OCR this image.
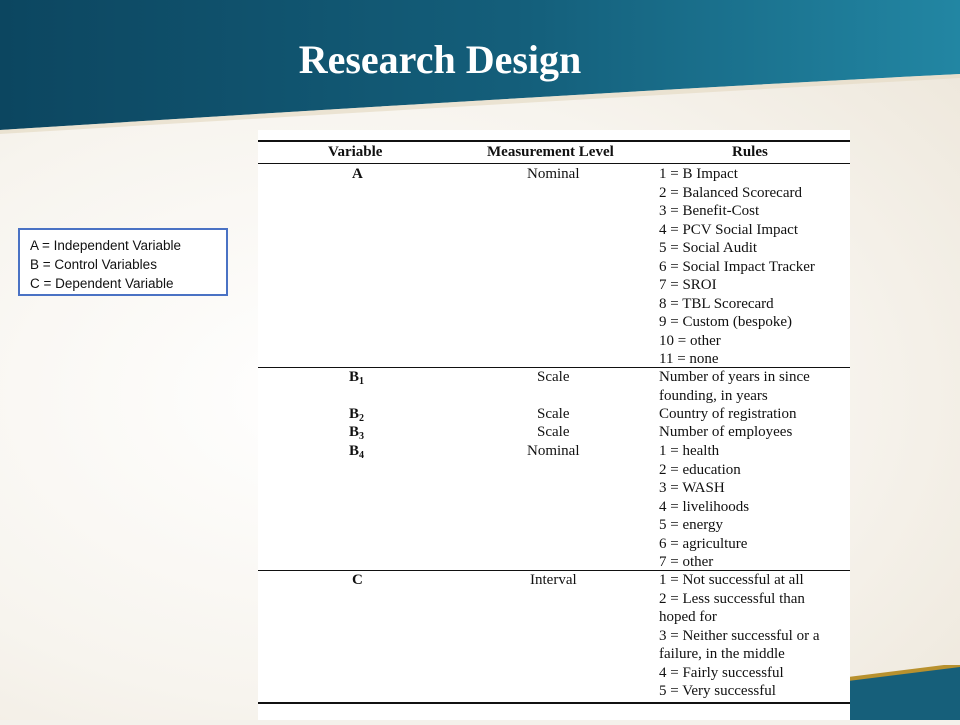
Research Design
A = Independent Variable
B = Control Variables
C = Dependent Variable
Variable	Measurement Level	Rules
A	Nominal	1 = B Impact
2 = Balanced Scorecard
3 = Benefit-Cost
4 = PCV Social Impact
5 = Social Audit
6 = Social Impact Tracker
7 = SROI
8 = TBL Scorecard
9 = Custom (bespoke)
10 = other
11 = none
$B_1$	Scale	Number of years in since
founding, in years
$B_2$	Scale	Country of registration
$B_3$	Scale	Number of employees
$B_4$	Nominal	1 = health
2 = education
3 = WASH
4 = livelihoods
5 = energy
6 = agriculture
7 = other
C	Interval	1 = Not successful at all
2 = Less successful than
hoped for
3 = Neither successful or a
failure, in the middle
4 = Fairly successful
5 = Very successful
